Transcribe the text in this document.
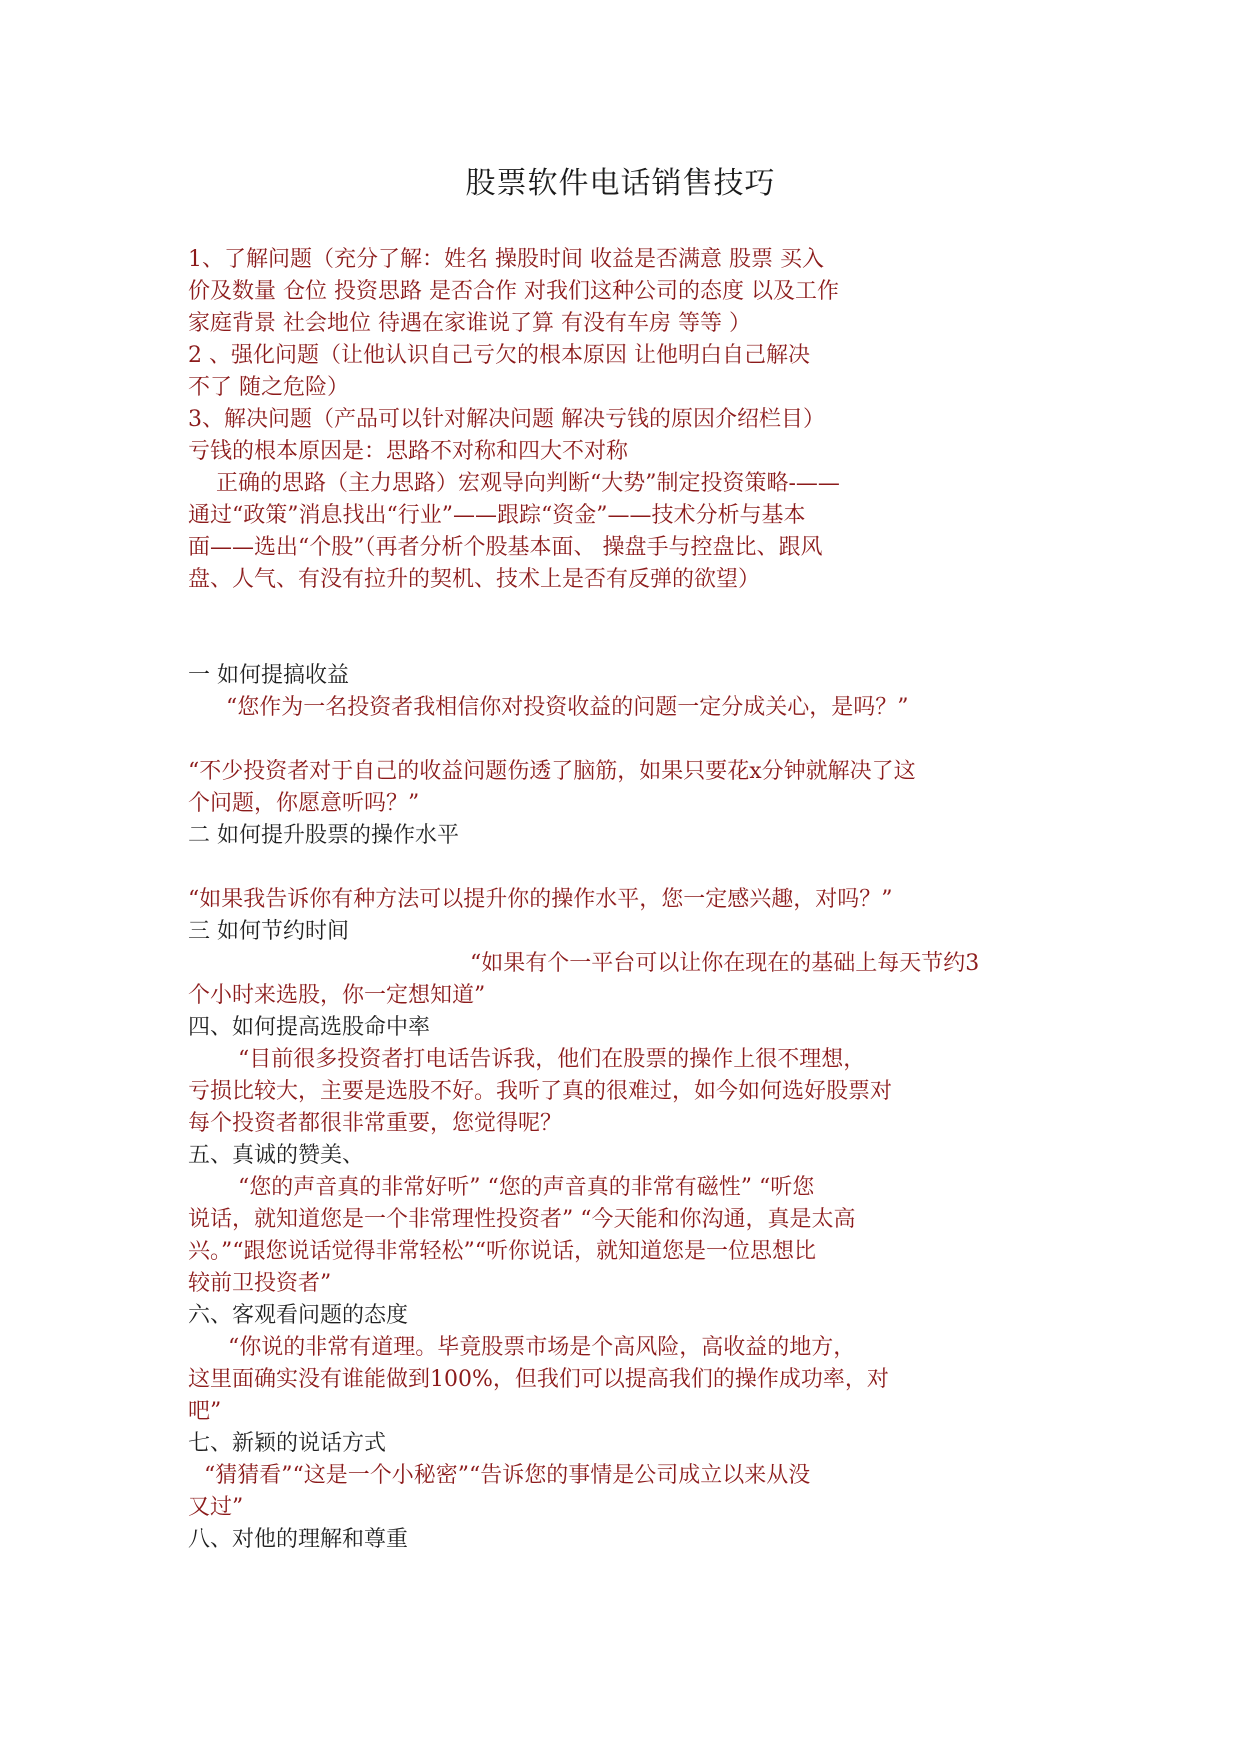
股票软件电话销售技巧
1、了解问题（充分了解：姓名 操股时间 收益是否满意 股票 买入
价及数量 仓位 投资思路 是否合作 对我们这种公司的态度 以及工作
家庭背景 社会地位 待遇在家谁说了算 有没有车房 等等 ）
2 、强化问题（让他认识自己亏欠的根本原因 让他明白自己解决
不了 随之危险）
3、解决问题（产品可以针对解决问题 解决亏钱的原因介绍栏目）
亏钱的根本原因是：思路不对称和四大不对称
正确的思路（主力思路）宏观导向判断“大势”制定投资策略-——
通过“政策”消息找出“行业”——跟踪“资金”——技术分析与基本
面——选出“个股”（再者分析个股基本面、 操盘手与控盘比、跟风
盘、人气、有没有拉升的契机、技术上是否有反弹的欲望）
一 如何提搞收益
“您作为一名投资者我相信你对投资收益的问题一定分成关心，是吗？”
“不少投资者对于自己的收益问题伤透了脑筋，如果只要花x分钟就解决了这
个问题，你愿意听吗？”
二 如何提升股票的操作水平
“如果我告诉你有种方法可以提升你的操作水平，您一定感兴趣，对吗？”
三 如何节约时间
“如果有个一平台可以让你在现在的基础上每天节约3
个小时来选股，你一定想知道”
四、如何提高选股命中率
“目前很多投资者打电话告诉我，他们在股票的操作上很不理想，
亏损比较大，主要是选股不好。我听了真的很难过，如今如何选好股票对
每个投资者都很非常重要，您觉得呢？
五、真诚的赞美、
“您的声音真的非常好听” “您的声音真的非常有磁性” “听您
说话，就知道您是一个非常理性投资者” “今天能和你沟通，真是太高
兴。”“跟您说话觉得非常轻松”“听你说话，就知道您是一位思想比
较前卫投资者”
六、客观看问题的态度
“你说的非常有道理。毕竟股票市场是个高风险，高收益的地方，
这里面确实没有谁能做到100%，但我们可以提高我们的操作成功率，对
吧”
七、新颖的说话方式
“猜猜看”“这是一个小秘密”“告诉您的事情是公司成立以来从没
又过”
八、对他的理解和尊重
